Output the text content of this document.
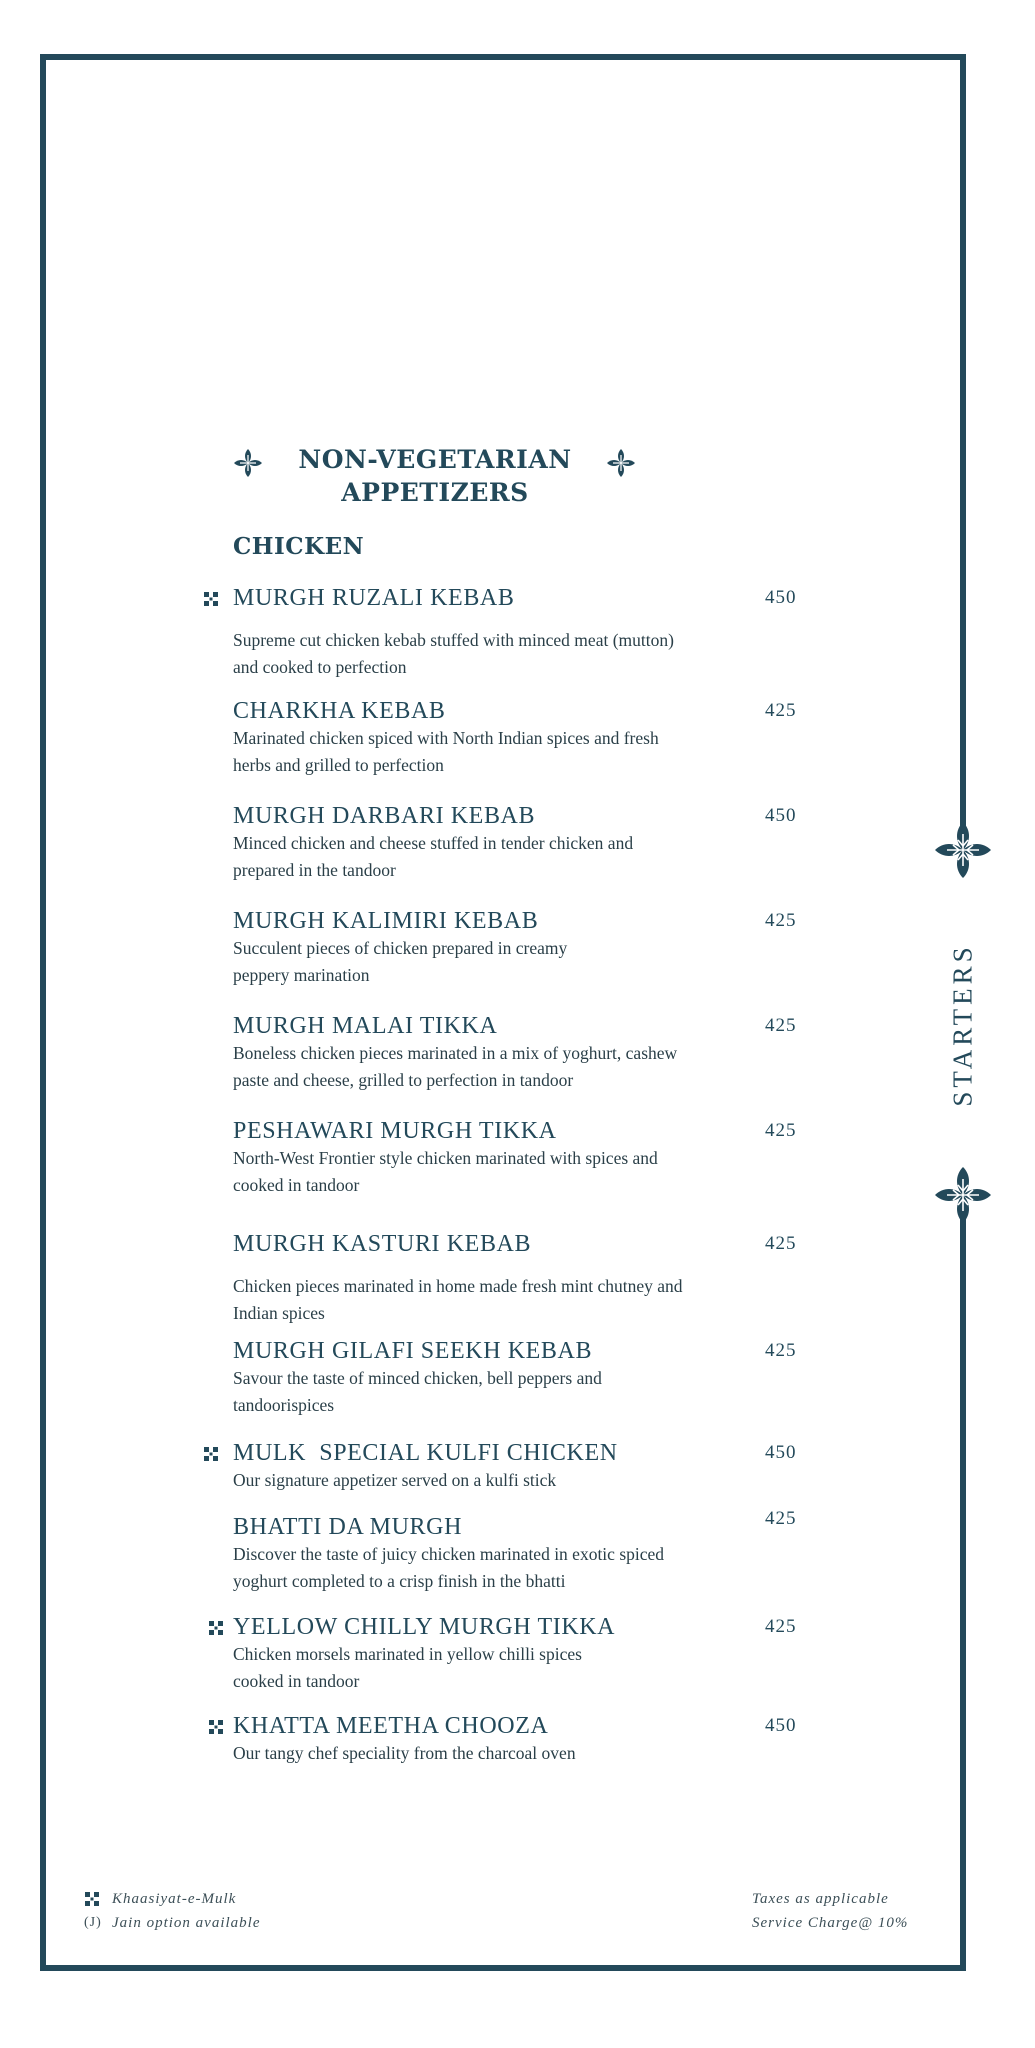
STARTERS
NON-VEGETARIAN
APPETIZERS
CHICKEN
MURGH RUZALI KEBAB	450
Supreme cut chicken kebab stuffed with minced meat (mutton) and cooked to perfection
CHARKHA KEBAB	425
Marinated chicken spiced with North Indian spices and fresh herbs and grilled to perfection
MURGH DARBARI KEBAB	450
Minced chicken and cheese stuffed in tender chicken and prepared in the tandoor
MURGH KALIMIRI KEBAB	425
Succulent pieces of chicken prepared in creamy peppery marination
MURGH MALAI TIKKA	425
Boneless chicken pieces marinated in a mix of yoghurt, cashew paste and cheese, grilled to perfection in tandoor
PESHAWARI MURGH TIKKA	425
North-West Frontier style chicken marinated with spices and cooked in tandoor
MURGH KASTURI KEBAB	425
Chicken pieces marinated in home made fresh mint chutney and Indian spices
MURGH GILAFI SEEKH KEBAB	425
Savour the taste of minced chicken, bell peppers and tandoorispices
MULK  SPECIAL KULFI CHICKEN	450
Our signature appetizer served on a kulfi stick
BHATTI DA MURGH	425
Discover the taste of juicy chicken marinated in exotic spiced yoghurt completed to a crisp finish in the bhatti
YELLOW CHILLY MURGH TIKKA	425
Chicken morsels marinated in yellow chilli spices cooked in tandoor
KHATTA MEETHA CHOOZA	450
Our tangy chef speciality from the charcoal oven
Khaasiyat-e-Mulk
(J) Jain option available
Taxes as applicable
Service Charge@ 10%
